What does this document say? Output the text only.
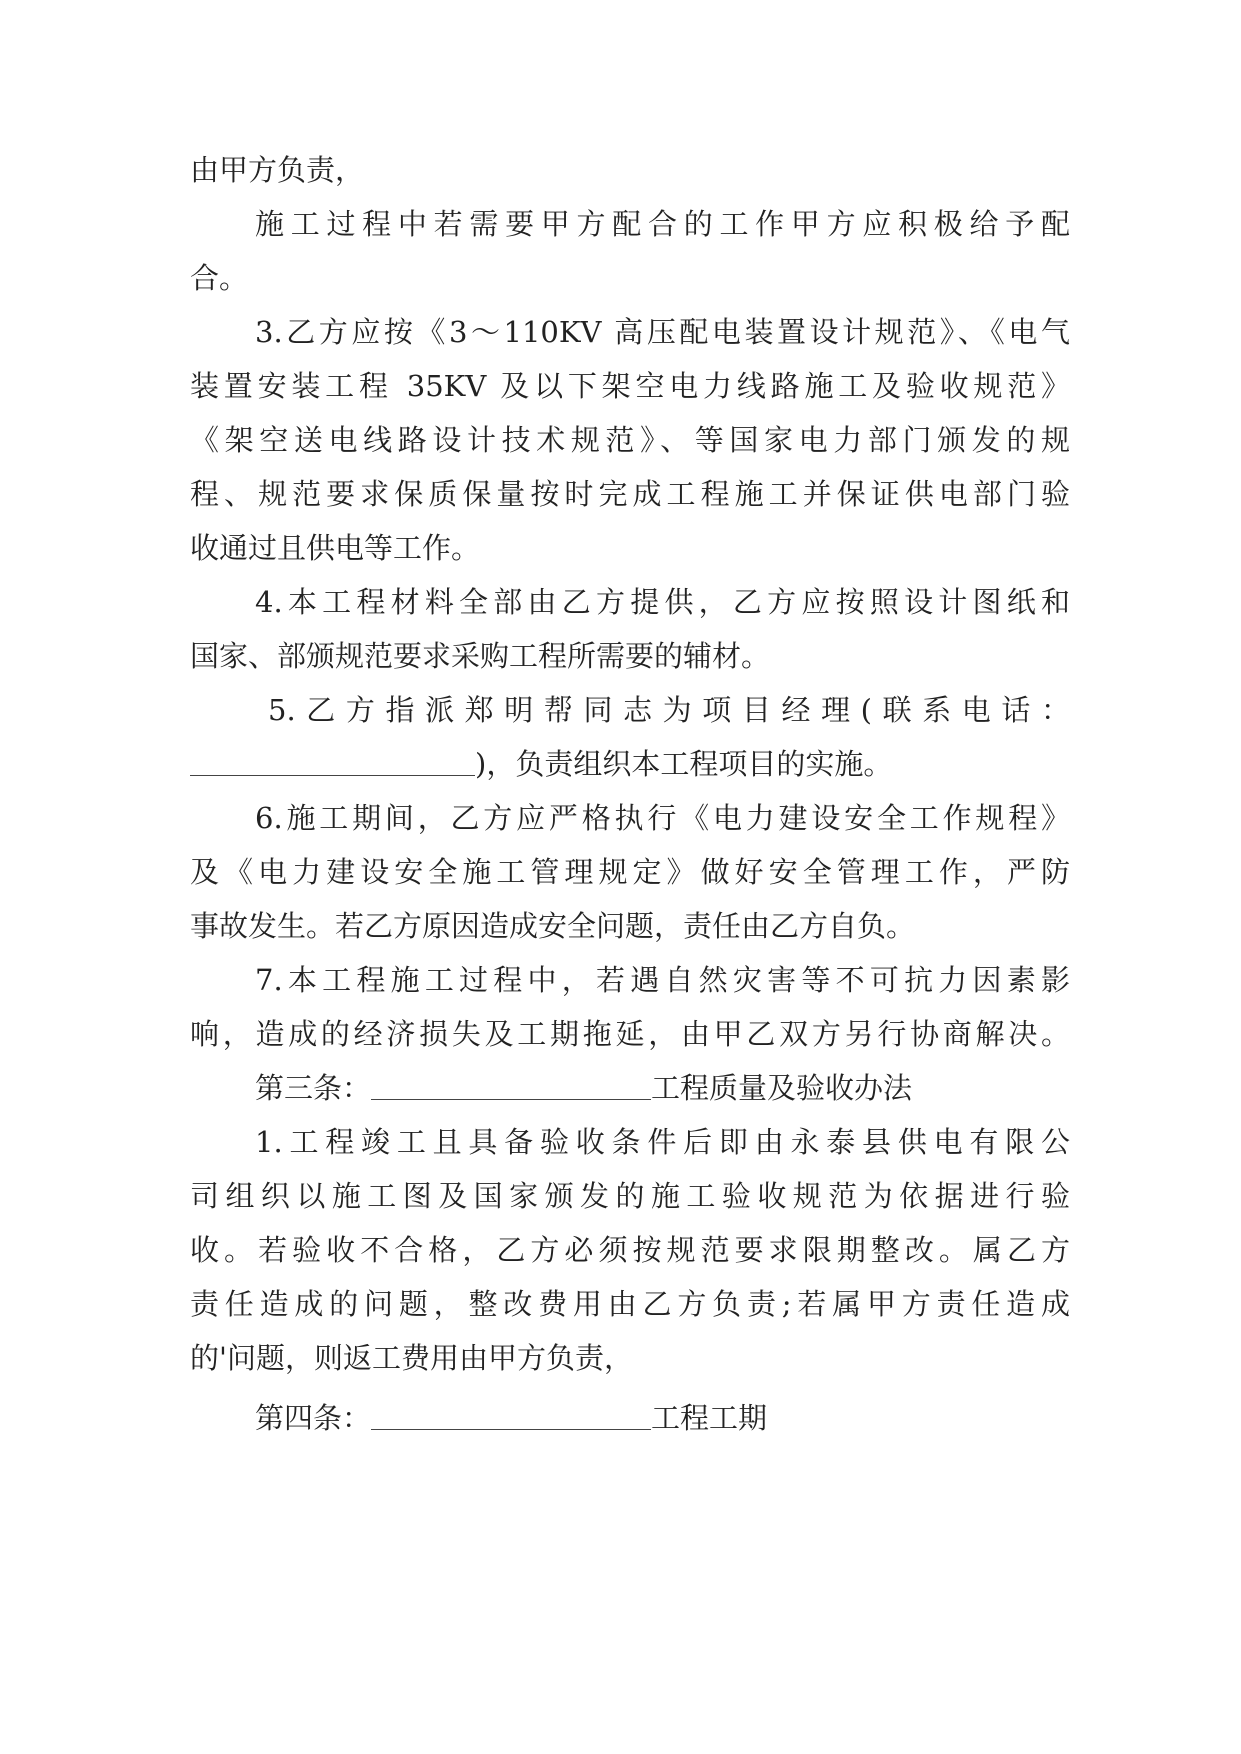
由甲方负责，
施工过程中若需要甲方配合的工作甲方应积极给予配
合。
3.乙方应按《3～110KV 高压配电装置设计规范》、《电气
装置安装工程 35KV 及以下架空电力线路施工及验收规范》
《架空送电线路设计技术规范》、等国家电力部门颁发的规
程、规范要求保质保量按时完成工程施工并保证供电部门验
收通过且供电等工作。
4.本工程材料全部由乙方提供，乙方应按照设计图纸和
国家、部颁规范要求采购工程所需要的辅材。
5.乙方指派郑明帮同志为项目经理(联系电话：
)，负责组织本工程项目的实施。
6.施工期间，乙方应严格执行《电力建设安全工作规程》
及《电力建设安全施工管理规定》做好安全管理工作，严防
事故发生。若乙方原因造成安全问题，责任由乙方自负。
7.本工程施工过程中，若遇自然灾害等不可抗力因素影
响，造成的经济损失及工期拖延，由甲乙双方另行协商解决。
第三条：	工程质量及验收办法
1.工程竣工且具备验收条件后即由永泰县供电有限公
司组织以施工图及国家颁发的施工验收规范为依据进行验
收。若验收不合格，乙方必须按规范要求限期整改。属乙方
责任造成的问题，整改费用由乙方负责;若属甲方责任造成
的'问题，则返工费用由甲方负责，
第四条：	工程工期
